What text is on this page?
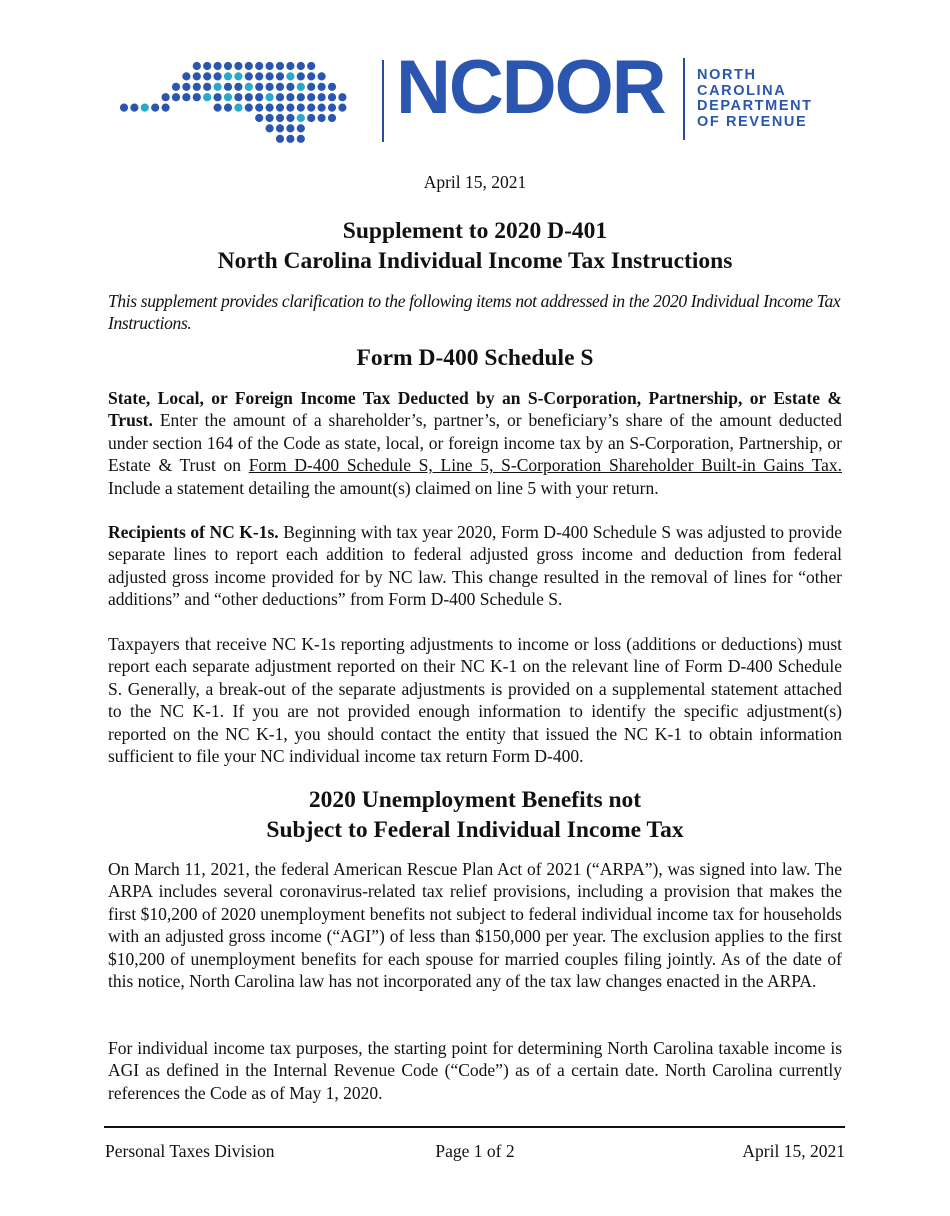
NCDOR NORTH
CAROLINA
DEPARTMENT
OF REVENUE
April 15, 2021
Supplement to 2020 D-401
North Carolina Individual Income Tax Instructions
This supplement provides clarification to the following items not addressed in the 2020 Individual Income Tax Instructions.
Form D-400 Schedule S
State, Local, or Foreign Income Tax Deducted by an S-Corporation, Partnership, or Estate & Trust. Enter the amount of a shareholder’s, partner’s, or beneficiary’s share of the amount deducted under section 164 of the Code as state, local, or foreign income tax by an S-Corporation, Partnership, or Estate & Trust on Form D-400 Schedule S, Line 5, S-Corporation Shareholder Built-in Gains Tax. Include a statement detailing the amount(s) claimed on line 5 with your return.
Recipients of NC K-1s. Beginning with tax year 2020, Form D-400 Schedule S was adjusted to provide separate lines to report each addition to federal adjusted gross income and deduction from federal adjusted gross income provided for by NC law. This change resulted in the removal of lines for “other additions” and “other deductions” from Form D-400 Schedule S.
Taxpayers that receive NC K-1s reporting adjustments to income or loss (additions or deductions) must report each separate adjustment reported on their NC K-1 on the relevant line of Form D-400 Schedule S. Generally, a break-out of the separate adjustments is provided on a supplemental statement attached to the NC K-1. If you are not provided enough information to identify the specific adjustment(s) reported on the NC K-1, you should contact the entity that issued the NC K-1 to obtain information sufficient to file your NC individual income tax return Form D-400.
2020 Unemployment Benefits not
Subject to Federal Individual Income Tax
On March 11, 2021, the federal American Rescue Plan Act of 2021 (“ARPA”), was signed into law. The ARPA includes several coronavirus-related tax relief provisions, including a provision that makes the first $10,200 of 2020 unemployment benefits not subject to federal individual income tax for households with an adjusted gross income (“AGI”) of less than $150,000 per year. The exclusion applies to the first $10,200 of unemployment benefits for each spouse for married couples filing jointly. As of the date of this notice, North Carolina law has not incorporated any of the tax law changes enacted in the ARPA.
For individual income tax purposes, the starting point for determining North Carolina taxable income is AGI as defined in the Internal Revenue Code (“Code”) as of a certain date. North Carolina currently references the Code as of May 1, 2020.
Personal Taxes Division	Page 1 of 2	April 15, 2021
